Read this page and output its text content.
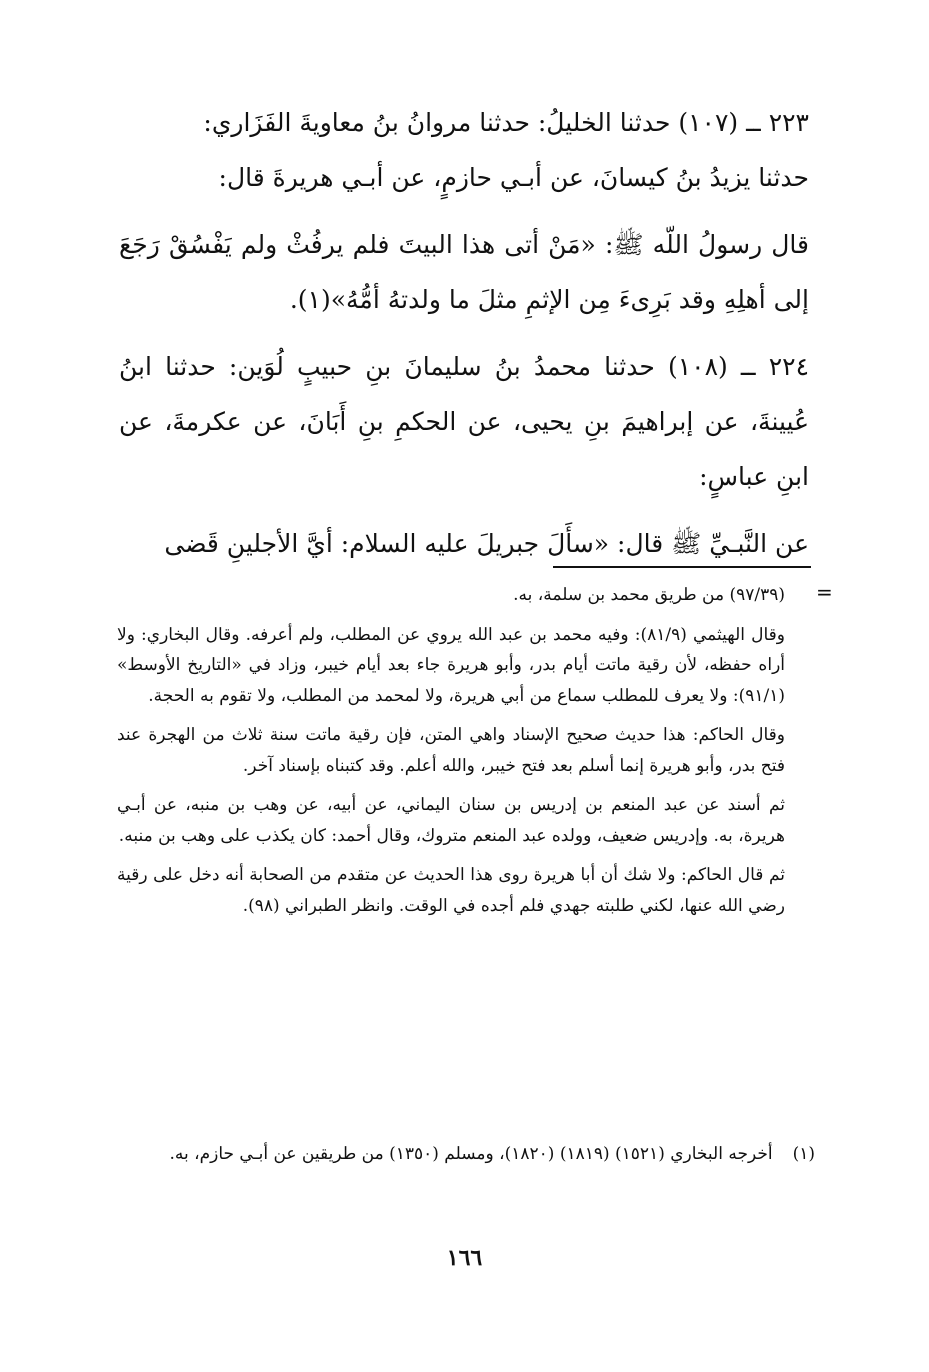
٢٢٣ ــ (١٠٧) حدثنا الخليلُ: حدثنا مروانُ بنُ معاويةَ الفَزَاري:
حدثنا يزيدُ بنُ كيسانَ، عن أبـي حازمٍ، عن أبـي هريرةَ قال:

قال رسولُ اللّه ﷺ: «مَنْ أتى هذا البيتَ فلم يرفُثْ ولم يَفْسُقْ رَجَعَ إلى أهلِهِ وقد بَرِىءَ مِن الإثمِ مثلَ ما ولدتهُ أمُّهُ»(١).

٢٢٤ ــ (١٠٨) حدثنا محمدُ بنُ سليمانَ بنِ حبيبٍ لُوَين: حدثنا ابنُ عُيينةَ، عن إبراهيمَ بنِ يحيى، عن الحكمِ بنِ أَبَانَ، عن عكرمةَ، عن ابنِ عباسٍ:

عن النَّبـيِّ ﷺ قال: «سأَلَ جبريلَ عليه السلام: أيَّ الأجلينِ قَضى

=

(٩٧/٣٩) من طريق محمد بن سلمة، به.

وقال الهيثمي (٨١/٩): وفيه محمد بن عبد الله يروي عن المطلب، ولم أعرفه. وقال البخاري: ولا أراه حفظه، لأن رقية ماتت أيام بدر، وأبو هريرة جاء بعد أيام خيبر، وزاد في «التاريخ الأوسط» (٩١/١): ولا يعرف للمطلب سماع من أبي هريرة، ولا لمحمد من المطلب، ولا تقوم به الحجة.

وقال الحاكم: هذا حديث صحيح الإسناد واهي المتن، فإن رقية ماتت سنة ثلاث من الهجرة عند فتح بدر، وأبو هريرة إنما أسلم بعد فتح خيبر، والله أعلم. وقد كتبناه بإسناد آخر.

ثم أسند عن عبد المنعم بن إدريس بن سنان اليماني، عن أبيه، عن وهب بن منبه، عن أبـي هريرة، به. وإدريس ضعيف، وولده عبد المنعم متروك، وقال أحمد: كان يكذب على وهب بن منبه.

ثم قال الحاكم: ولا شك أن أبا هريرة روى هذا الحديث عن متقدم من الصحابة أنه دخل على رقية رضي الله عنها، لكني طلبته جهدي فلم أجده في الوقت. وانظر الطبراني (٩٨).

(١)
أخرجه البخاري (١٥٢١) (١٨١٩) (١٨٢٠)، ومسلم (١٣٥٠) من طريقين عن أبـي حازم، به.
١٦٦
